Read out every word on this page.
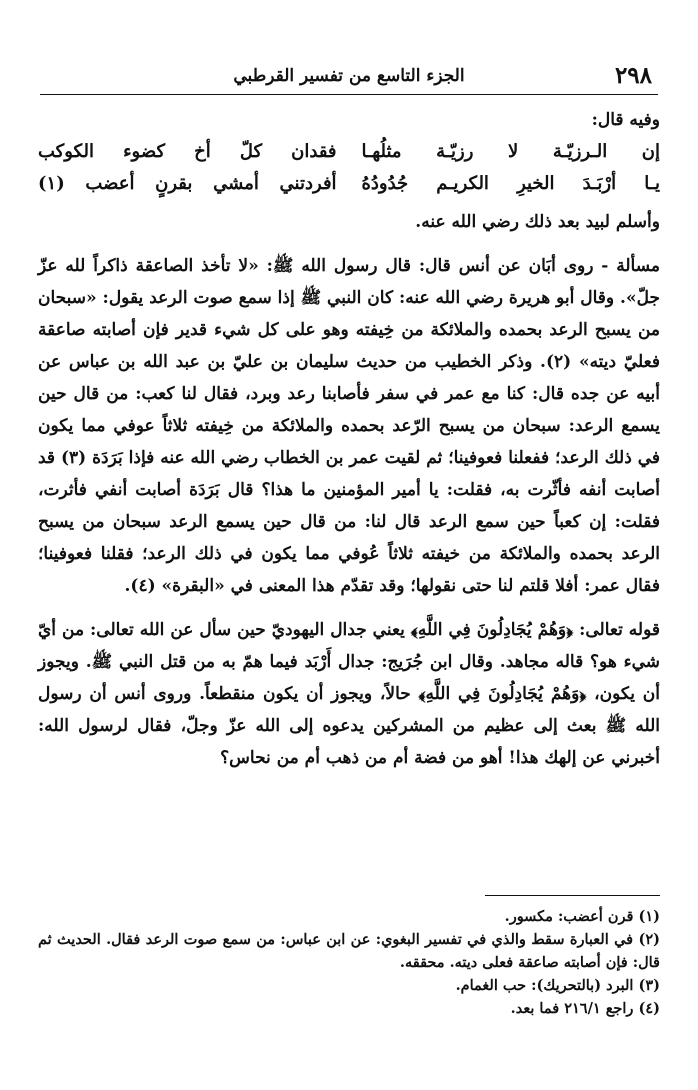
٢٩٨
الجزء التاسع من تفسير القرطبي
وفيه قال:
إن الـرزيّـة لا رزيّـة مثلُهـا
فقدان كلّ أخ كضوء الكوكب
يـا أرْبَـدَ الخيرِ الكريـم جُدُودُهُ
أفردتني أمشي بقرنٍ أعضب (١)
وأسلم لبيد بعد ذلك رضي الله عنه.

مسألة - روى أبَان عن أنس قال: قال رسول الله ﷺ: «لا تأخذ الصاعقة ذاكراً لله عزّ جلّ». وقال أبو هريرة رضي الله عنه: كان النبي ﷺ إذا سمع صوت الرعد يقول: «سبحان من يسبح الرعد بحمده والملائكة من خِيفته وهو على كل شيء قدير فإن أصابته صاعقة فعليّ ديته» (٢). وذكر الخطيب من حديث سليمان بن عليّ بن عبد الله بن عباس عن أبيه عن جده قال: كنا مع عمر في سفر فأصابنا رعد وبرد، فقال لنا كعب: من قال حين يسمع الرعد: سبحان من يسبح الرّعد بحمده والملائكة من خِيفته ثلاثاً عوفي مما يكون في ذلك الرعد؛ ففعلنا فعوفينا؛ ثم لقيت عمر بن الخطاب رضي الله عنه فإذا بَرَدَة (٣) قد أصابت أنفه فأثّرت به، فقلت: يا أمير المؤمنين ما هذا؟ قال بَرَدَة أصابت أنفي فأثرت، فقلت: إن كعباً حين سمع الرعد قال لنا: من قال حين يسمع الرعد سبحان من يسبح الرعد بحمده والملائكة من خيفته ثلاثاً عُوفي مما يكون في ذلك الرعد؛ فقلنا فعوفينا؛ فقال عمر: أفلا قلتم لنا حتى نقولها؛ وقد تقدّم هذا المعنى في «البقرة» (٤).

قوله تعالى: ﴿وَهُمْ يُجَادِلُونَ فِي اللَّهِ﴾ يعني جدال اليهوديّ حين سأل عن الله تعالى: من أيّ شيء هو؟ قاله مجاهد. وقال ابن جُرَيج: جدال أَرْبَد فيما همّ به من قتل النبي ﷺ. ويجوز أن يكون، ﴿وَهُمْ يُجَادِلُونَ فِي اللَّهِ﴾ حالاً، ويجوز أن يكون منقطعاً. وروى أنس أن رسول الله ﷺ بعث إلى عظيم من المشركين يدعوه إلى الله عزّ وجلّ، فقال لرسول الله: أخبرني عن إلهك هذا! أهو من فضة أم من ذهب أم من نحاس؟

(١) قرن أعضب: مكسور.

(٢) في العبارة سقط والذي في تفسير البغوي: عن ابن عباس: من سمع صوت الرعد فقال. الحديث ثم قال: فإن أصابته صاعقة فعلى ديته. محققه.

(٣) البرد (بالتحريك): حب الغمام.

(٤) راجع ٢١٦/١ فما بعد.
